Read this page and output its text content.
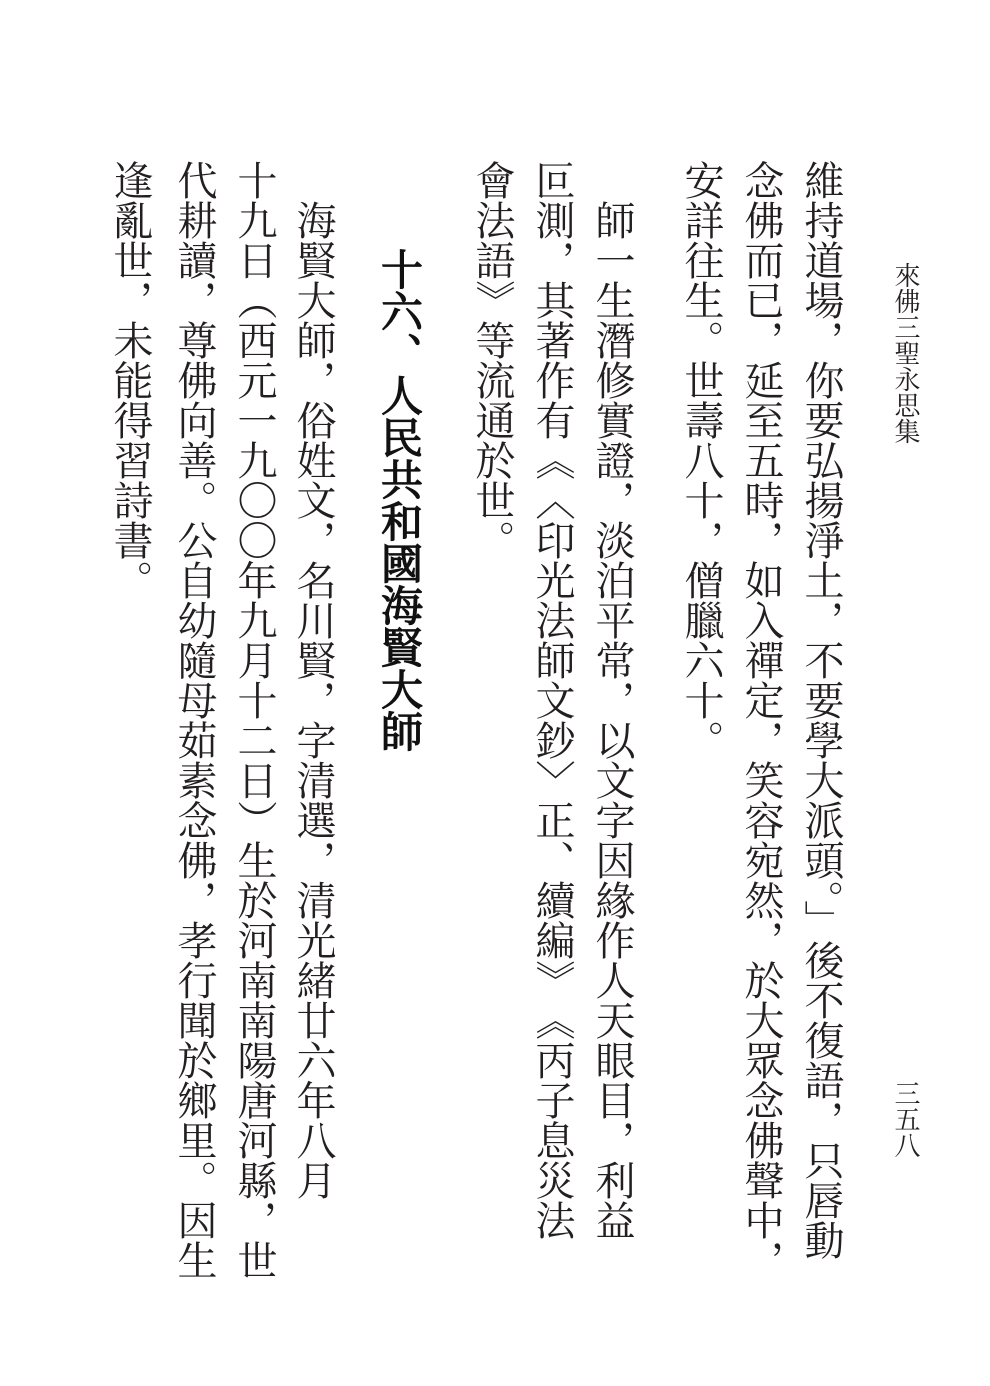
來佛三聖永思集
三五八
維持道場，你要弘揚淨土，不要學大派頭。﹂後不復語，只唇動
念佛而已，延至五時，如入禪定，笑容宛然，於大眾念佛聲中，
安詳往生。世壽八十，僧臘六十。
　師一生潛修實證，淡泊平常，以文字因緣作人天眼目，利益
叵測，其著作有︽︿印光法師文鈔﹀正、續編︾︽丙子息災法
會法語︾等流通於世。
十六、人民共和國海賢大師
　海賢大師，俗姓文，名川賢，字清選，清光緒廿六年八月
十九日︵西元一九〇〇年九月十二日︶生於河南南陽唐河縣，世
代耕讀，尊佛向善。公自幼隨母茹素念佛，孝行聞於鄉里。因生
逢亂世，未能得習詩書。
